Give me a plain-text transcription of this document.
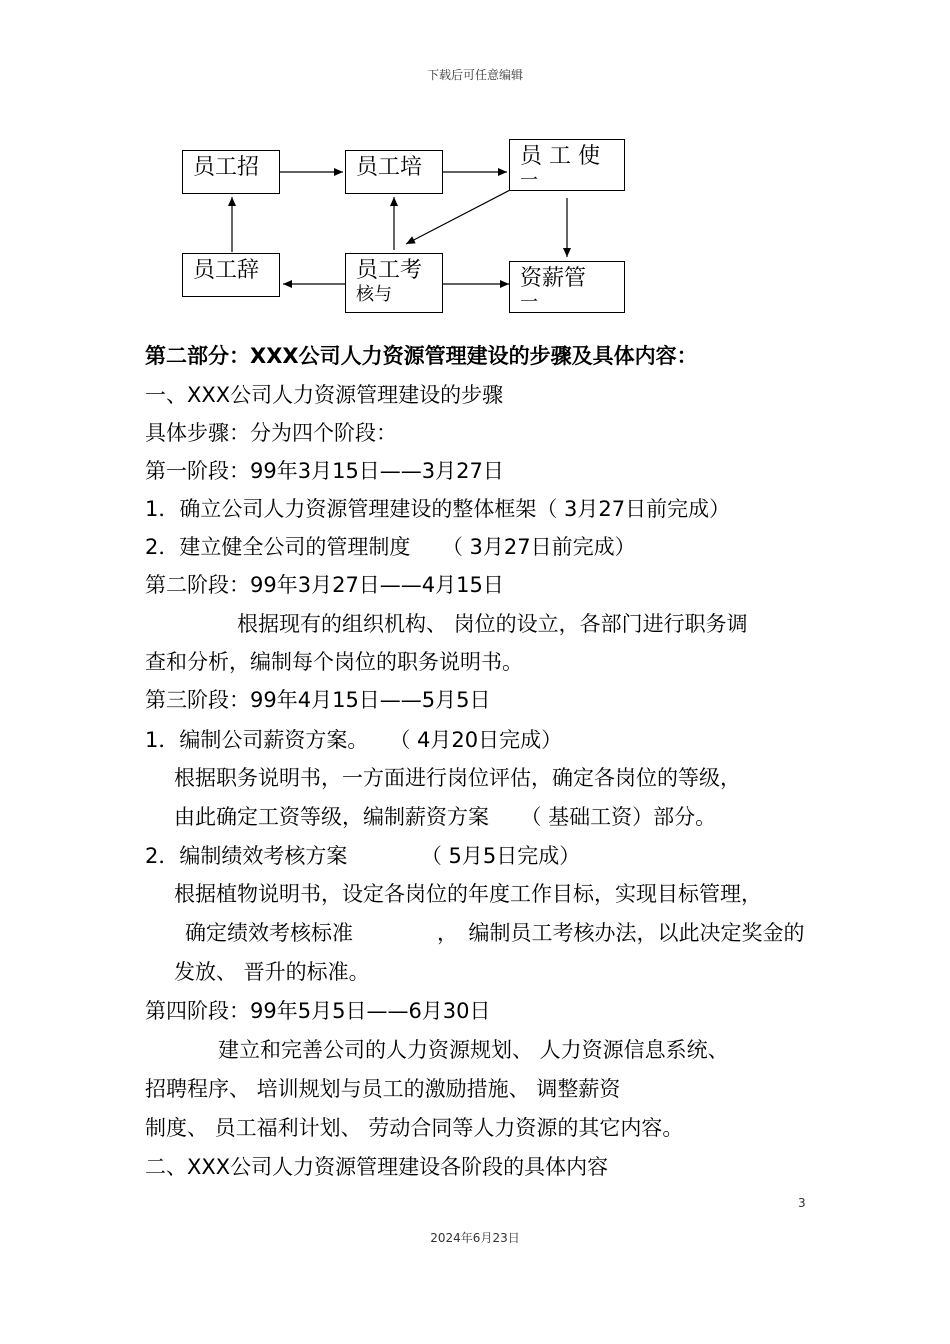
下载后可任意编辑
员工招	员工培	员 工 使
一
员工辞	员工考
核与
资薪管
一
第二部分：XXX公司人力资源管理建设的步骤及具体内容：
一、XXX公司人力资源管理建设的步骤
具体步骤：分为四个阶段：
第一阶段：99年3月15日——3月27日
1．确立公司人力资源管理建设的整体框架（ 3月27日前完成）
2．建立健全公司的管理制度　　（ 3月27日前完成）
第二阶段：99年3月27日——4月15日
根据现有的组织机构、 岗位的设立，各部门进行职务调
查和分析，编制每个岗位的职务说明书。
第三阶段：99年4月15日——5月5日
1．编制公司薪资方案。　　（ 4月20日完成）
根据职务说明书，一方面进行岗位评估，确定各岗位的等级，
由此确定工资等级，编制薪资方案　　（ 基础工资）部分。
2．编制绩效考核方案　　　　（ 5月5日完成）
根据植物说明书，设定各岗位的年度工作目标，实现目标管理，
确定绩效考核标准　　　　，　编制员工考核办法，以此决定奖金的
发放、 晋升的标准。
第四阶段：99年5月5日——6月30日
建立和完善公司的人力资源规划、 人力资源信息系统、
招聘程序、 培训规划与员工的激励措施、 调整薪资
制度、 员工福利计划、 劳动合同等人力资源的其它内容。
二、XXX公司人力资源管理建设各阶段的具体内容
3
2024年6月23日
